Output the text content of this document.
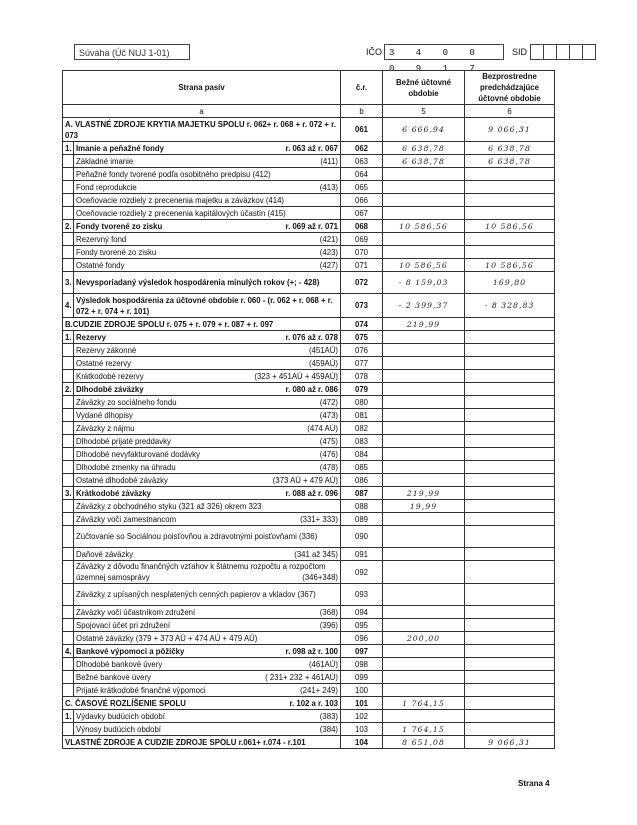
Súvaha (Úč NUJ 1-01)	IČO 3 4 0 0 0 9 1 7
SID
Strana pasív		č.r.	Bežné účtovné obdobie	Bezprostredne predchádzajúce účtovné obdobie
a		b	5	6
A. VLASTNÉ ZDROJE KRYTIA MAJETKU SPOLU r. 062+ r. 068 + r. 072 + r. 073		061	6 666,94	9 066,31
1.	Imanie a peňažné fondy r. 063 až r. 067	062	6 638,78	6 638,78
	Základné imanie (411)	063	6 638,78	6 638,78
	Peňažné fondy tvorené podľa osobitného predpisu (412)	064		
	Fond reprodukcie (413)	065		
	Oceňovacie rozdiely z precenenia majetku a záväzkov (414)	066		
	Oceňovacie rozdiely z precenenia kapitálových účastín (415)	067		
2.	Fondy tvorené zo zisku r. 069 až r. 071	068	10 586,56	10 586,56
	Rezervný fond (421)	069		
	Fondy tvorené zo zisku (423)	070		
	Ostatné fondy (427)	071	10 586,56	10 586,56
3.	Nevysporiadaný výsledok hospodárenia minulých rokov (+; - 428)	072	- 8 159,03	169,80
4.	Výsledok hospodárenia za účtovné obdobie r. 060 - (r. 062 + r. 068 + r. 072 + r. 074 + r. 101)	073	- 2 399,37	- 8 328,83
B.CUDZIE ZDROJE SPOLU r. 075 + r. 079 + r. 087 + r. 097		074	219,99	
1.	Rezervy r. 076 až r. 078	075		
	Rezervy zákonné (451AÚ)	076		
	Ostatné rezervy (459AÚ)	077		
	Krátkodobé rezervy (323 + 451AÚ + 459AÚ)	078		
2.	Dlhodobé záväzky r. 080 až r. 086	079		
	Záväzky zo sociálneho fondu (472)	080		
	Vydané dlhopisy (473)	081		
	Záväzky z nájmu (474 AÚ)	082		
	Dlhodobé prijaté preddavky (475)	083		
	Dlhodobé nevyfakturované dodávky (476)	084		
	Dlhodobé zmenky na úhradu (478)	085		
	Ostatné dlhodobé záväzky (373 AÚ + 479 AÚ)	086		
3.	Krátkodobé záväzky r. 088 až r. 096	087	219,99	
	Záväzky z obchodného styku (321 až 326) okrem 323	088	19,99	
	Záväzky voči zamestnancom (331+ 333)	089		
	Zúčtovanie so Sociálnou poisťovňou a zdravotnými poisťovňami (336)	090		
	Daňové záväzky (341 až 345)	091		
	Záväzky z dôvodu finančných vzťahov k štátnemu rozpočtu a rozpočtom územnej samosprávy (346+348)	092		
	Záväzky z upísaných nesplatených cenných papierov a vkladov (367)	093		
	Záväzky voči účastníkom združení (368)	094		
	Spojovací účet pri združení (396)	095		
	Ostatné záväzky (379 + 373 AÚ + 474 AÚ + 479 AÚ)	096	200,00	
4.	Bankové výpomoci a pôžičky r. 098 až r. 100	097		
	Dlhodobé bankové úvery (461AÚ)	098		
	Bežné bankové úvery ( 231+ 232 + 461AÚ)	099		
	Prijaté krátkodobé finančné výpomoci (241+ 249)	100		
C. ČASOVÉ ROZLÍŠENIE SPOLU r. 102 a r. 103		101	1 764,15	
1.	Výdavky budúcich období (383)	102		
	Výnosy budúcich období (384)	103	1 764,15	
VLASTNÉ ZDROJE A CUDZIE ZDROJE SPOLU r.061+ r.074 - r.101		104	8 651,08	9 066,31
Strana 4
